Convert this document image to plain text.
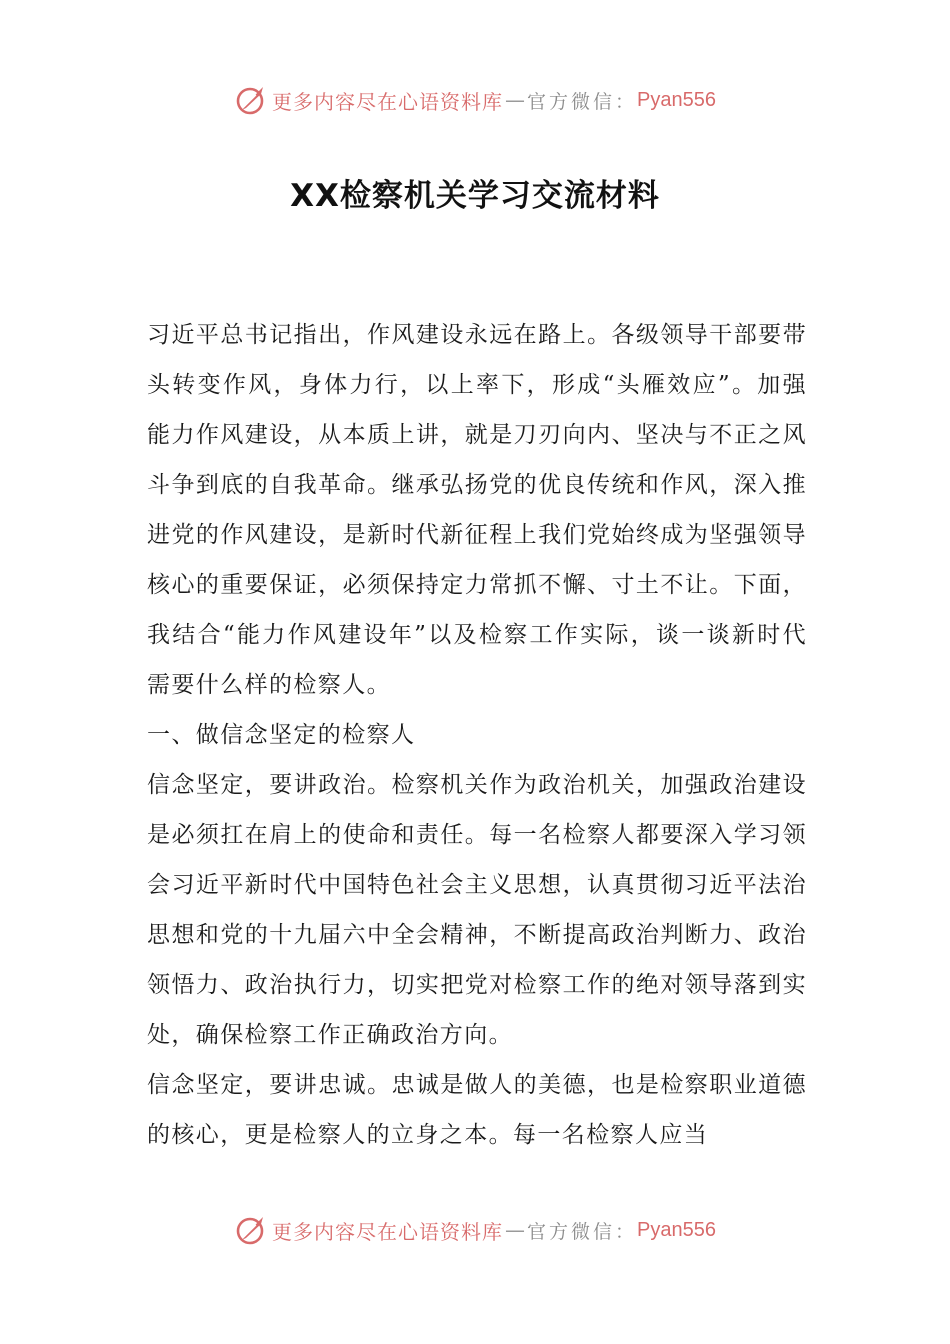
更多内容尽在心语资料库 — 官方微信： Pyan556
XX检察机关学习交流材料

习近平总书记指出，作风建设永远在路上。各级领导干部要带头转变作风，身体力行，以上率下，形成“头雁效应”。加强能力作风建设，从本质上讲，就是刀刃向内、坚决与不正之风斗争到底的自我革命。继承弘扬党的优良传统和作风，深入推进党的作风建设，是新时代新征程上我们党始终成为坚强领导核心的重要保证，必须保持定力常抓不懈、寸土不让。下面，我结合“能力作风建设年”以及检察工作实际，谈一谈新时代需要什么样的检察人。

一、做信念坚定的检察人

信念坚定，要讲政治。检察机关作为政治机关，加强政治建设是必须扛在肩上的使命和责任。每一名检察人都要深入学习领会习近平新时代中国特色社会主义思想，认真贯彻习近平法治思想和党的十九届六中全会精神，不断提高政治判断力、政治领悟力、政治执行力，切实把党对检察工作的绝对领导落到实处，确保检察工作正确政治方向。

信念坚定，要讲忠诚。忠诚是做人的美德，也是检察职业道德的核心，更是检察人的立身之本。每一名检察人应当

更多内容尽在心语资料库 — 官方微信： Pyan556
